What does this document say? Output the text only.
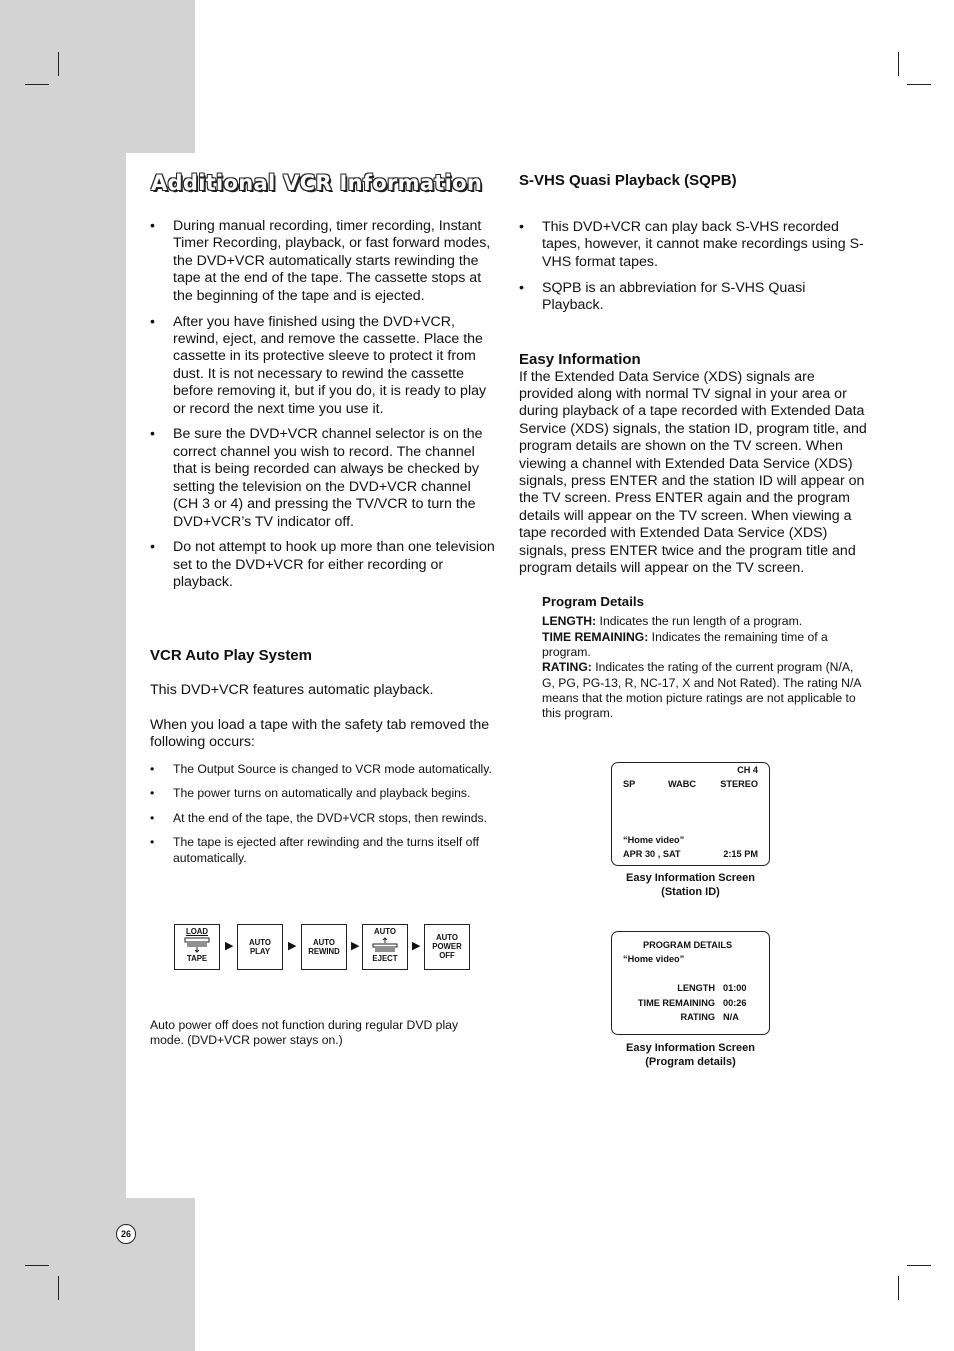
Additional VCR Information
• During manual recording, timer recording, Instant Timer Recording, playback, or fast forward modes, the DVD+VCR automatically starts rewinding the tape at the end of the tape. The cassette stops at the beginning of the tape and is ejected.
• After you have finished using the DVD+VCR, rewind, eject, and remove the cassette. Place the cassette in its protective sleeve to protect it from dust. It is not necessary to rewind the cassette before removing it, but if you do, it is ready to play or record the next time you use it.
• Be sure the DVD+VCR channel selector is on the correct channel you wish to record. The channel that is being recorded can always be checked by setting the television on the DVD+VCR channel (CH 3 or 4) and pressing the TV/VCR to turn the DVD+VCR’s TV indicator off.
• Do not attempt to hook up more than one television set to the DVD+VCR for either recording or playback.
VCR Auto Play System

This DVD+VCR features automatic playback.

When you load a tape with the safety tab removed the following occurs:

• The Output Source is changed to VCR mode automatically.
• The power turns on automatically and playback begins.
• At the end of the tape, the DVD+VCR stops, then rewinds.
• The tape is ejected after rewinding and the turns itself off automatically.
LOAD
TAPE
▶	AUTO PLAY	▶	AUTO REWIND	▶
AUTO
EJECT
▶
AUTO POWER OFF

Auto power off does not function during regular DVD play mode. (DVD+VCR power stays on.)

S-VHS Quasi Playback (SQPB)
• This DVD+VCR can play back S-VHS recorded tapes, however, it cannot make recordings using S-VHS format tapes.
• SQPB is an abbreviation for S-VHS Quasi Playback.
Easy Information

If the Extended Data Service (XDS) signals are provided along with normal TV signal in your area or during playback of a tape recorded with Extended Data Service (XDS) signals, the station ID, program title, and program details are shown on the TV screen. When viewing a channel with Extended Data Service (XDS) signals, press ENTER and the station ID will appear on the TV screen. Press ENTER again and the program details will appear on the TV screen. When viewing a tape recorded with Extended Data Service (XDS) signals, press ENTER twice and the program title and program details will appear on the TV screen.

Program Details

LENGTH: Indicates the run length of a program.

TIME REMAINING: Indicates the remaining time of a program.

RATING: Indicates the rating of the current program (N/A, G, PG, PG-13, R, NC-17, X and Not Rated). The rating N/A means that the motion picture ratings are not applicable to this program.

CH 4
SP	WABC	STEREO
“Home video”
APR 30 , SAT	2:15 PM
Easy Information Screen
(Station ID)
PROGRAM DETAILS
“Home video”
LENGTH 01:00
TIME REMAINING 00:26
RATING N/A
Easy Information Screen
(Program details)
26
